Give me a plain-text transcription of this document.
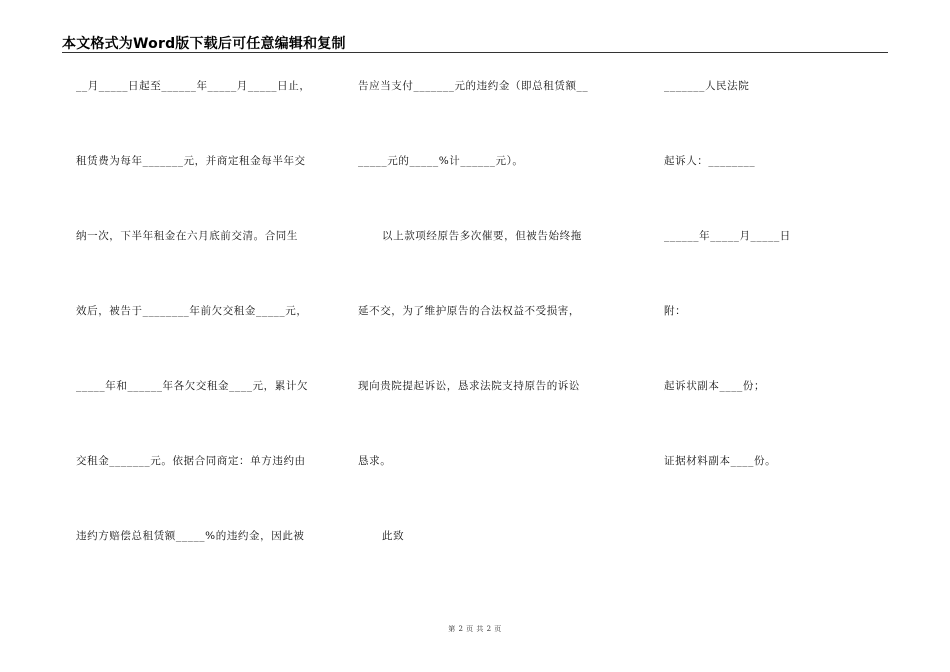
本文格式为Word版下载后可任意编辑和复制
__月_____日起至______年_____月_____日止，
租赁费为每年_______元，并商定租金每半年交
纳一次，下半年租金在六月底前交清。合同生
效后，被告于________年前欠交租金_____元，
_____年和______年各欠交租金____元，累计欠
交租金_______元。依据合同商定：单方违约由
违约方赔偿总租赁额_____%的违约金，因此被
告应当支付_______元的违约金（即总租赁额__
_____元的_____%计______元）。
以上款项经原告多次催要，但被告始终拖
延不交，为了维护原告的合法权益不受损害，
现向贵院提起诉讼，恳求法院支持原告的诉讼
恳求。
此致
_______人民法院
起诉人：________
______年_____月_____日
附：
起诉状副本____份；
证据材料副本____份。
第 2 页 共 2 页
